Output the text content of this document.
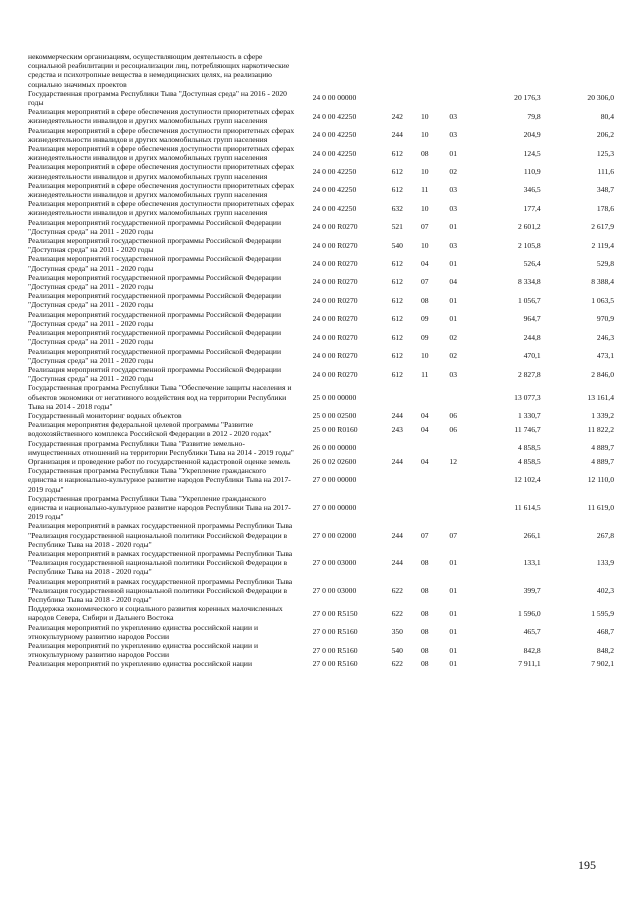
некоммерческим организациям, осуществляющим деятельность в сфере социальной реабилитации и ресоциализации лиц, потребляющих наркотические средства и психотропные вещества в немедицинских целях, на реализацию социально значимых проектов						
Государственная программа Республики Тыва "Доступная среда" на 2016 - 2020 годы	24 0 00 00000				20 176,3	20 306,0
Реализация мероприятий в сфере обеспечения доступности приоритетных сферах жизнедеятельности инвалидов и других маломобильных групп населения	24 0 00 42250	242	10	03	79,8	80,4
Реализация мероприятий в сфере обеспечения доступности приоритетных сферах жизнедеятельности инвалидов и других маломобильных групп населения	24 0 00 42250	244	10	03	204,9	206,2
Реализация мероприятий в сфере обеспечения доступности приоритетных сферах жизнедеятельности инвалидов и других маломобильных групп населения	24 0 00 42250	612	08	01	124,5	125,3
Реализация мероприятий в сфере обеспечения доступности приоритетных сферах жизнедеятельности инвалидов и других маломобильных групп населения	24 0 00 42250	612	10	02	110,9	111,6
Реализация мероприятий в сфере обеспечения доступности приоритетных сферах жизнедеятельности инвалидов и других маломобильных групп населения	24 0 00 42250	612	11	03	346,5	348,7
Реализация мероприятий в сфере обеспечения доступности приоритетных сферах жизнедеятельности инвалидов и других маломобильных групп населения	24 0 00 42250	632	10	03	177,4	178,6
Реализация мероприятий государственной программы Российской Федерации "Доступная среда" на 2011 - 2020 годы	24 0 00 R0270	521	07	01	2 601,2	2 617,9
Реализация мероприятий государственной программы Российской Федерации "Доступная среда" на 2011 - 2020 годы	24 0 00 R0270	540	10	03	2 105,8	2 119,4
Реализация мероприятий государственной программы Российской Федерации "Доступная среда" на 2011 - 2020 годы	24 0 00 R0270	612	04	01	526,4	529,8
Реализация мероприятий государственной программы Российской Федерации "Доступная среда" на 2011 - 2020 годы	24 0 00 R0270	612	07	04	8 334,8	8 388,4
Реализация мероприятий государственной программы Российской Федерации "Доступная среда" на 2011 - 2020 годы	24 0 00 R0270	612	08	01	1 056,7	1 063,5
Реализация мероприятий государственной программы Российской Федерации "Доступная среда" на 2011 - 2020 годы	24 0 00 R0270	612	09	01	964,7	970,9
Реализация мероприятий государственной программы Российской Федерации "Доступная среда" на 2011 - 2020 годы	24 0 00 R0270	612	09	02	244,8	246,3
Реализация мероприятий государственной программы Российской Федерации "Доступная среда" на 2011 - 2020 годы	24 0 00 R0270	612	10	02	470,1	473,1
Реализация мероприятий государственной программы Российской Федерации "Доступная среда" на 2011 - 2020 годы	24 0 00 R0270	612	11	03	2 827,8	2 846,0
Государственная программа Республики Тыва "Обеспечение защиты населения и объектов экономики от негативного воздействия вод на территории Республики Тыва на 2014 - 2018 годы"	25 0 00 00000				13 077,3	13 161,4
Государственный мониторинг водных объектов	25 0 00 02500	244	04	06	1 330,7	1 339,2
Реализация мероприятия федеральной целевой программы "Развитие водохозяйственного комплекса Российской Федерации в 2012 - 2020 годах"	25 0 00 R0160	243	04	06	11 746,7	11 822,2
Государственная программа Республики Тыва "Развитие земельно-имущественных отношений на территории Республики Тыва на 2014 - 2019 годы"	26 0 00 00000				4 858,5	4 889,7
Организация и проведение работ по государственной кадастровой оценке земель	26 0 02 02600	244	04	12	4 858,5	4 889,7
Государственная программа Республики Тыва "Укрепление гражданского единства и национально-культурное развитие народов Республики Тыва на 2017-2019 годы"	27 0 00 00000				12 102,4	12 110,0
Государственная программа Республики Тыва "Укрепление гражданского единства и национально-культурное развитие народов Республики Тыва на 2017-2019 годы"	27 0 00 00000				11 614,5	11 619,0
Реализация мероприятий в рамках государственной программы Республики Тыва "Реализация государственной национальной политики Российской Федерации в Республике Тыва на 2018 - 2020 годы"	27 0 00 02000	244	07	07	266,1	267,8
Реализация мероприятий в рамках государственной программы Республики Тыва "Реализация государственной национальной политики Российской Федерации в Республике Тыва на 2018 - 2020 годы"	27 0 00 03000	244	08	01	133,1	133,9
Реализация мероприятий в рамках государственной программы Республики Тыва "Реализация государственной национальной политики Российской Федерации в Республике Тыва на 2018 - 2020 годы"	27 0 00 03000	622	08	01	399,7	402,3
Поддержка экономического и социального развития коренных малочисленных народов Севера, Сибири и Дальнего Востока	27 0 00 R5150	622	08	01	1 596,0	1 595,9
Реализация мероприятий по укреплению единства российской нации и этнокультурному развитию народов России	27 0 00 R5160	350	08	01	465,7	468,7
Реализация мероприятий по укреплению единства российской нации и этнокультурному развитию народов России	27 0 00 R5160	540	08	01	842,8	848,2
Реализация мероприятий по укреплению единства российской нации	27 0 00 R5160	622	08	01	7 911,1	7 902,1
195
